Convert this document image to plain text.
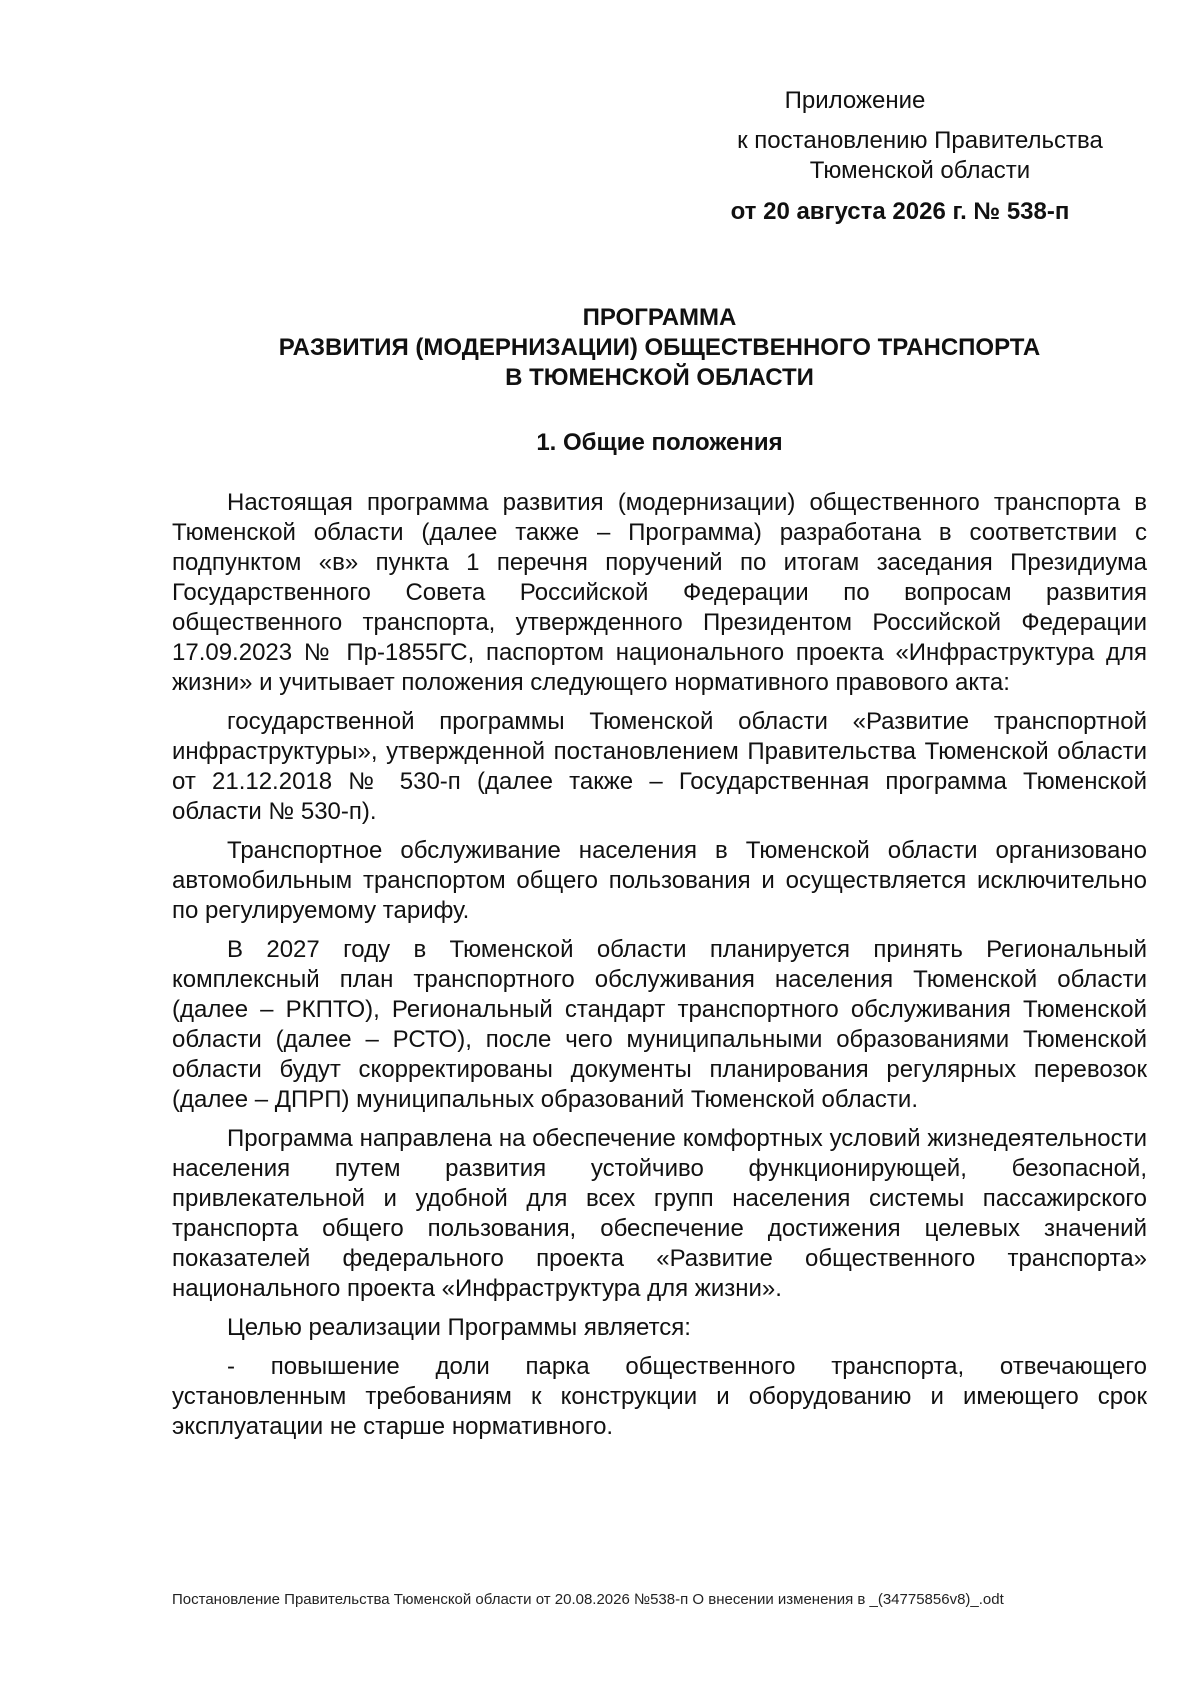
Приложение
к постановлению Правительства
Тюменской области
от 20 августа 2026 г. № 538-п
ПРОГРАММА
РАЗВИТИЯ (МОДЕРНИЗАЦИИ) ОБЩЕСТВЕННОГО ТРАНСПОРТА
В ТЮМЕНСКОЙ ОБЛАСТИ
1. Общие положения

Настоящая программа развития (модернизации) общественного транспорта в Тюменской области (далее также – Программа) разработана в соответствии с подпунктом «в» пункта 1 перечня поручений по итогам заседания Президиума Государственного Совета Российской Федерации по вопросам развития общественного транспорта, утвержденного Президентом Российской Федерации 17.09.2023 № Пр-1855ГС, паспортом национального проекта «Инфраструктура для жизни» и учитывает положения следующего нормативного правового акта:

государственной программы Тюменской области «Развитие транспортной инфраструктуры», утвержденной постановлением Правительства Тюменской области от 21.12.2018 № 530-п (далее также – Государственная программа Тюменской области № 530-п).

Транспортное обслуживание населения в Тюменской области организовано автомобильным транспортом общего пользования и осуществляется исключительно по регулируемому тарифу.

В 2027 году в Тюменской области планируется принять Региональный комплексный план транспортного обслуживания населения Тюменской области (далее – РКПТО), Региональный стандарт транспортного обслуживания Тюменской области (далее – РСТО), после чего муниципальными образованиями Тюменской области будут скорректированы документы планирования регулярных перевозок (далее – ДПРП) муниципальных образований Тюменской области.

Программа направлена на обеспечение комфортных условий жизнедеятельности населения путем развития устойчиво функционирующей, безопасной, привлекательной и удобной для всех групп населения системы пассажирского транспорта общего пользования, обеспечение достижения целевых значений показателей федерального проекта «Развитие общественного транспорта» национального проекта «Инфраструктура для жизни».

Целью реализации Программы является:

- повышение доли парка общественного транспорта, отвечающего установленным требованиям к конструкции и оборудованию и имеющего срок эксплуатации не старше нормативного.

Постановление Правительства Тюменской области от 20.08.2026 №538-п О внесении изменения в _(34775856v8)_.odt
